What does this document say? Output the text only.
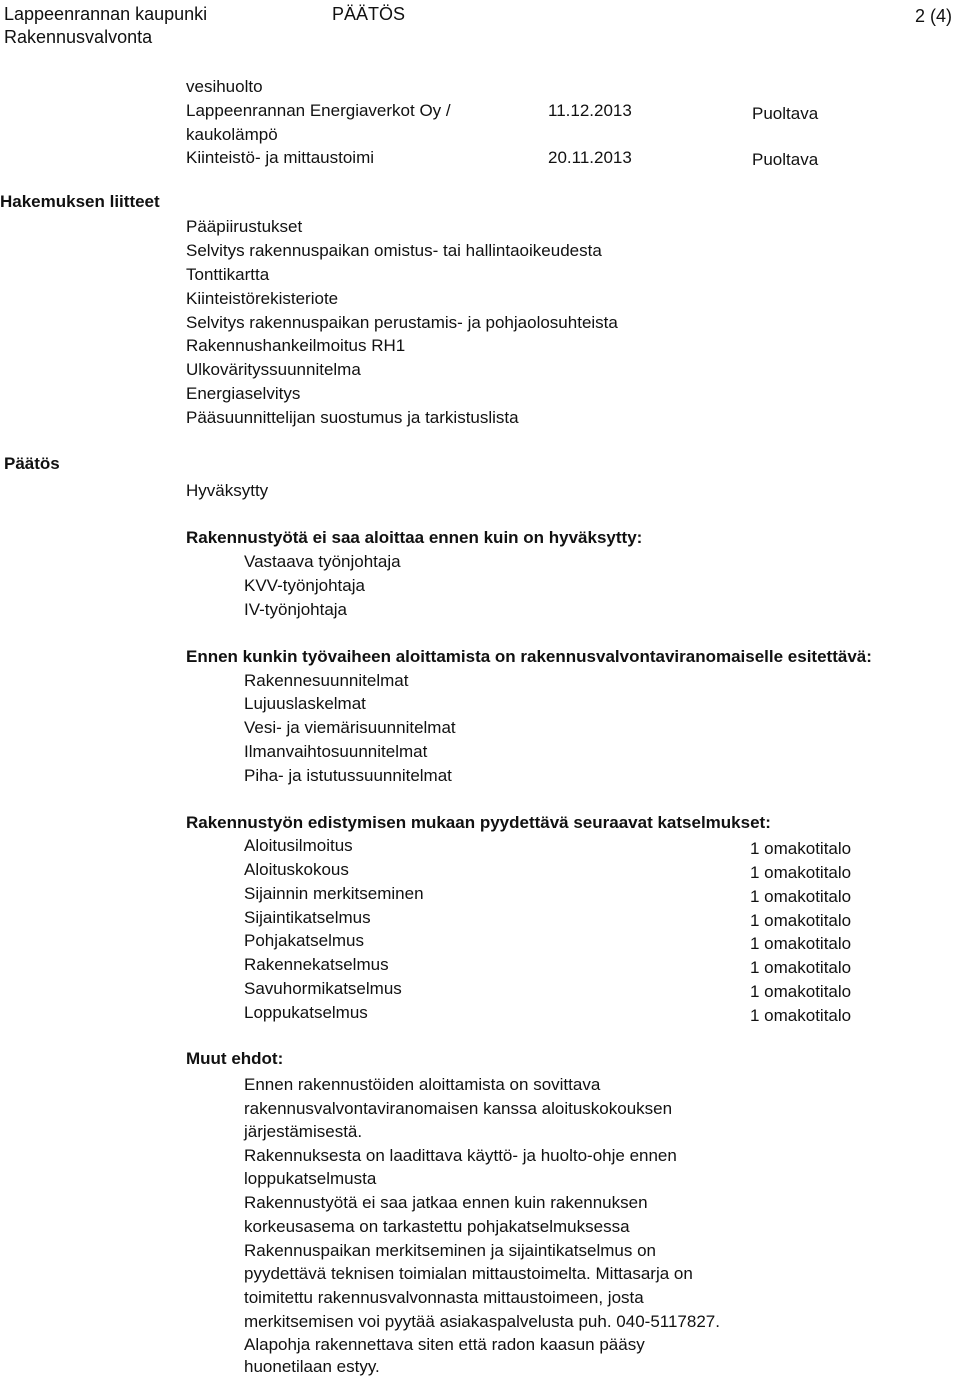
Lappeenrannan kaupunki
Rakennusvalvonta
PÄÄTÖS	2 (4)
vesihuolto
Lappeenrannan Energiaverkot Oy /	11.12.2013	Puoltava
kaukolämpö
Kiinteistö- ja mittaustoimi	20.11.2013	Puoltava
Hakemuksen liitteet
Pääpiirustukset
Selvitys rakennuspaikan omistus- tai hallintaoikeudesta
Tonttikartta
Kiinteistörekisteriote
Selvitys rakennuspaikan perustamis- ja pohjaolosuhteista
Rakennushankeilmoitus RH1
Ulkovärityssuunnitelma
Energiaselvitys
Pääsuunnittelijan suostumus ja tarkistuslista
Päätös
Hyväksytty
Rakennustyötä ei saa aloittaa ennen kuin on hyväksytty:
Vastaava työnjohtaja
KVV-työnjohtaja
IV-työnjohtaja
Ennen kunkin työvaiheen aloittamista on rakennusvalvontaviranomaiselle esitettävä:
Rakennesuunnitelmat
Lujuuslaskelmat
Vesi- ja viemärisuunnitelmat
Ilmanvaihtosuunnitelmat
Piha- ja istutussuunnitelmat
Rakennustyön edistymisen mukaan pyydettävä seuraavat katselmukset:
Aloitusilmoitus	1 omakotitalo
Aloituskokous	1 omakotitalo
Sijainnin merkitseminen	1 omakotitalo
Sijaintikatselmus	1 omakotitalo
Pohjakatselmus	1 omakotitalo
Rakennekatselmus	1 omakotitalo
Savuhormikatselmus	1 omakotitalo
Loppukatselmus	1 omakotitalo
Muut ehdot:
Ennen rakennustöiden aloittamista on sovittava
rakennusvalvontaviranomaisen kanssa aloituskokouksen
järjestämisestä.
Rakennuksesta on laadittava käyttö- ja huolto-ohje ennen
loppukatselmusta
Rakennustyötä ei saa jatkaa ennen kuin rakennuksen
korkeusasema on tarkastettu pohjakatselmuksessa
Rakennuspaikan merkitseminen ja sijaintikatselmus on
pyydettävä teknisen toimialan mittaustoimelta. Mittasarja on
toimitettu rakennusvalvonnasta mittaustoimeen, josta
merkitsemisen voi pyytää asiakaspalvelusta puh. 040-5117827.
Alapohja rakennettava siten että radon kaasun pääsy
huonetilaan estyy.
